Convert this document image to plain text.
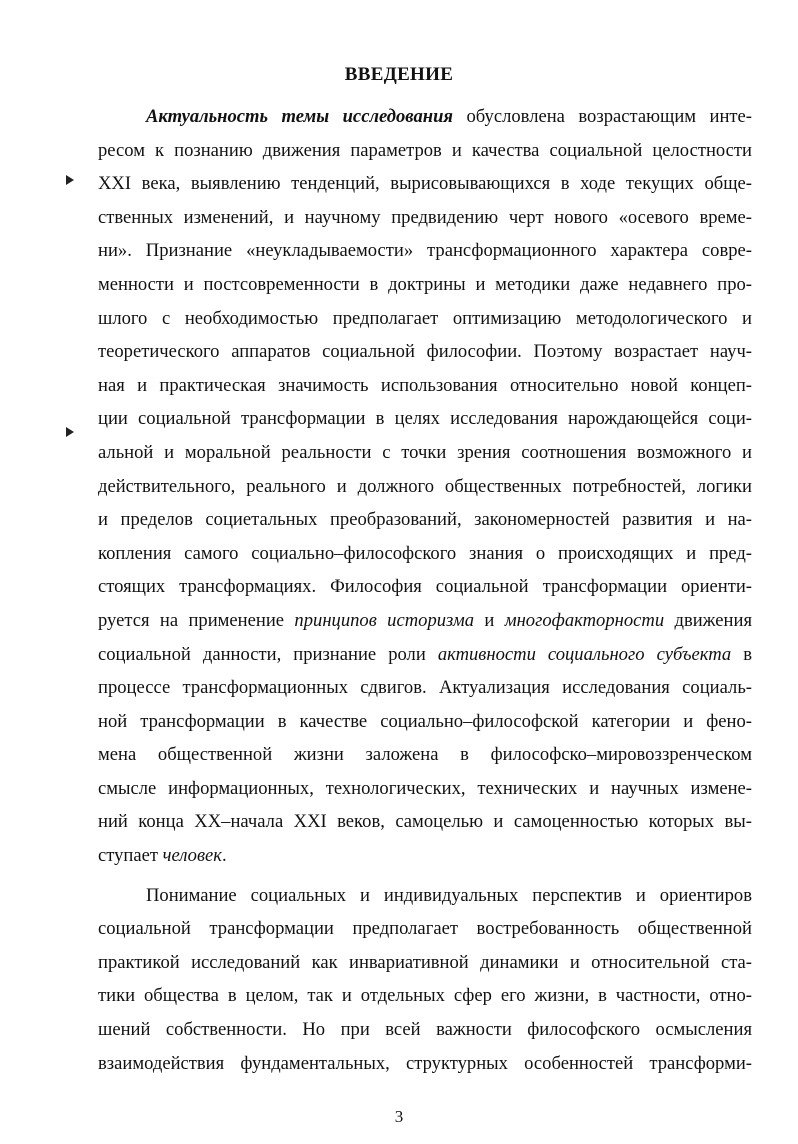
ВВЕДЕНИЕ
Актуальность темы исследования обусловлена возрастающим инте-
ресом к познанию движения параметров и качества социальной целостности
XXI века, выявлению тенденций, вырисовывающихся в ходе текущих обще-
ственных изменений, и научному предвидению черт нового «осевого време-
ни». Признание «неукладываемости» трансформационного характера совре-
менности и постсовременности в доктрины и методики даже недавнего про-
шлого с необходимостью предполагает оптимизацию методологического и
теоретического аппаратов социальной философии. Поэтому возрастает науч-
ная и практическая значимость использования относительно новой концеп-
ции социальной трансформации в целях исследования нарождающейся соци-
альной и моральной реальности с точки зрения соотношения возможного и
действительного, реального и должного общественных потребностей, логики
и пределов социетальных преобразований, закономерностей развития и на-
копления самого социально–философского знания о происходящих и пред-
стоящих трансформациях. Философия социальной трансформации ориенти-
руется на применение принципов историзма и многофакторности движения
социальной данности, признание роли активности социального субъекта в
процессе трансформационных сдвигов. Актуализация исследования социаль-
ной трансформации в качестве социально–философской категории и фено-
мена общественной жизни заложена в философско–мировоззренческом
смысле информационных, технологических, технических и научных измене-
ний конца XX–начала XXI веков, самоцелью и самоценностью которых вы-
ступает человек.
Понимание социальных и индивидуальных перспектив и ориентиров
социальной трансформации предполагает востребованность общественной
практикой исследований как инвариативной динамики и относительной ста-
тики общества в целом, так и отдельных сфер его жизни, в частности, отно-
шений собственности. Но при всей важности философского осмысления
взаимодействия фундаментальных, структурных особенностей трансформи-
3
